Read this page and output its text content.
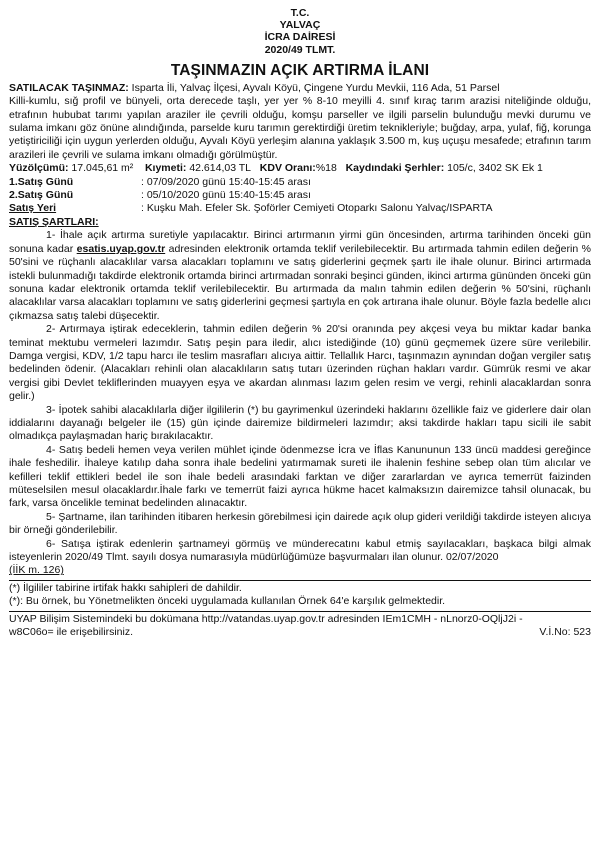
T.C.
YALVAÇ
İCRA DAİRESİ
2020/49 TLMT.
TAŞINMAZIN AÇIK ARTIRMA İLANI

SATILACAK TAŞINMAZ: Isparta İli, Yalvaç İlçesi, Ayvalı Köyü, Çingene Yurdu Mevkii, 116 Ada, 51 Parsel

Killi-kumlu, sığ profil ve bünyeli, orta derecede taşlı, yer yer % 8-10 meyilli 4. sınıf kıraç tarım arazisi niteliğinde olduğu, etrafının hububat tarımı yapılan araziler ile çevrili olduğu, komşu parseller ve ilgili parselin bulunduğu mevki durumu ve sulama imkanı göz önüne alındığında, parselde kuru tarımın gerektirdiği üretim teknikleriyle; buğday, arpa, yulaf, fiğ, korunga yetiştiriciliği için uygun yerlerden olduğu, Ayvalı Köyü yerleşim alanına yaklaşık 3.500 m, kuş uçuşu mesafede; etrafının tarım arazileri ile çevrili ve sulama imkanı olmadığı görülmüştür.

Yüzölçümü: 17.045,61 m² Kıymeti: 42.614,03 TL KDV Oranı:%18 Kaydındaki Şerhler: 105/c, 3402 SK Ek 1

1.Satış Günü	: 07/09/2020 günü 15:40-15:45 arası
2.Satış Günü	: 05/10/2020 günü 15:40-15:45 arası
Satış Yeri	: Kuşku Mah. Efeler Sk. Şoförler Cemiyeti Otoparkı Salonu Yalvaç/ISPARTA

SATIŞ ŞARTLARI:

1- İhale açık artırma suretiyle yapılacaktır. Birinci artırmanın yirmi gün öncesinden, artırma tarihinden önceki gün sonuna kadar esatis.uyap.gov.tr adresinden elektronik ortamda teklif verilebilecektir. Bu artırmada tahmin edilen değerin % 50'sini ve rüçhanlı alacaklılar varsa alacakları toplamını ve satış giderlerini geçmek şartı ile ihale olunur. Birinci artırmada istekli bulunmadığı takdirde elektronik ortamda birinci artırmadan sonraki beşinci günden, ikinci artırma gününden önceki gün sonuna kadar elektronik ortamda teklif verilebilecektir. Bu artırmada da malın tahmin edilen değerin % 50'sini, rüçhanlı alacaklılar varsa alacakları toplamını ve satış giderlerini geçmesi şartıyla en çok artırana ihale olunur. Böyle fazla bedelle alıcı çıkmazsa satış talebi düşecektir.

2- Artırmaya iştirak edeceklerin, tahmin edilen değerin % 20'si oranında pey akçesi veya bu miktar kadar banka teminat mektubu vermeleri lazımdır. Satış peşin para iledir, alıcı istediğinde (10) günü geçmemek üzere süre verilebilir. Damga vergisi, KDV, 1/2 tapu harcı ile teslim masrafları alıcıya aittir. Tellallık Harcı, taşınmazın aynından doğan vergiler satış bedelinden ödenir. (Alacakları rehinli olan alacaklıların satış tutarı üzerinden rüçhan hakları vardır. Gümrük resmi ve akar vergisi gibi Devlet tekliflerinden muayyen eşya ve akardan alınması lazım gelen resim ve vergi, rehinli alacaklardan sonra gelir.)

3- İpotek sahibi alacaklılarla diğer ilgililerin (*) bu gayrimenkul üzerindeki haklarını özellikle faiz ve giderlere dair olan iddialarını dayanağı belgeler ile (15) gün içinde dairemize bildirmeleri lazımdır; aksi takdirde hakları tapu sicili ile sabit olmadıkça paylaşmadan hariç bırakılacaktır.

4- Satış bedeli hemen veya verilen mühlet içinde ödenmezse İcra ve İflas Kanununun 133 üncü maddesi gereğince ihale feshedilir. İhaleye katılıp daha sonra ihale bedelini yatırmamak sureti ile ihalenin feshine sebep olan tüm alıcılar ve kefilleri teklif ettikleri bedel ile son ihale bedeli arasındaki farktan ve diğer zararlardan ve ayrıca temerrüt faizinden müteselsilen mesul olacaklardır.İhale farkı ve temerrüt faizi ayrıca hükme hacet kalmaksızın dairemizce tahsil olunacak, bu fark, varsa öncelikle teminat bedelinden alınacaktır.

5- Şartname, ilan tarihinden itibaren herkesin görebilmesi için dairede açık olup gideri verildiği takdirde isteyen alıcıya bir örneği gönderilebilir.

6- Satışa iştirak edenlerin şartnameyi görmüş ve münderecatını kabul etmiş sayılacakları, başkaca bilgi almak isteyenlerin 2020/49 Tlmt. sayılı dosya numarasıyla müdürlüğümüze başvurmaları ilan olunur. 02/07/2020

(İİK m. 126)

(*) İlgililer tabirine irtifak hakkı sahipleri de dahildir.

(*): Bu örnek, bu Yönetmelikten önceki uygulamada kullanılan Örnek 64'e karşılık gelmektedir.

UYAP Bilişim Sistemindeki bu dokümana http://vatandas.uyap.gov.tr adresinden IEm1CMH - nLnorz0-OQljJ2i - w8C06o= ile erişebilirsiniz.	V.İ.No: 523
